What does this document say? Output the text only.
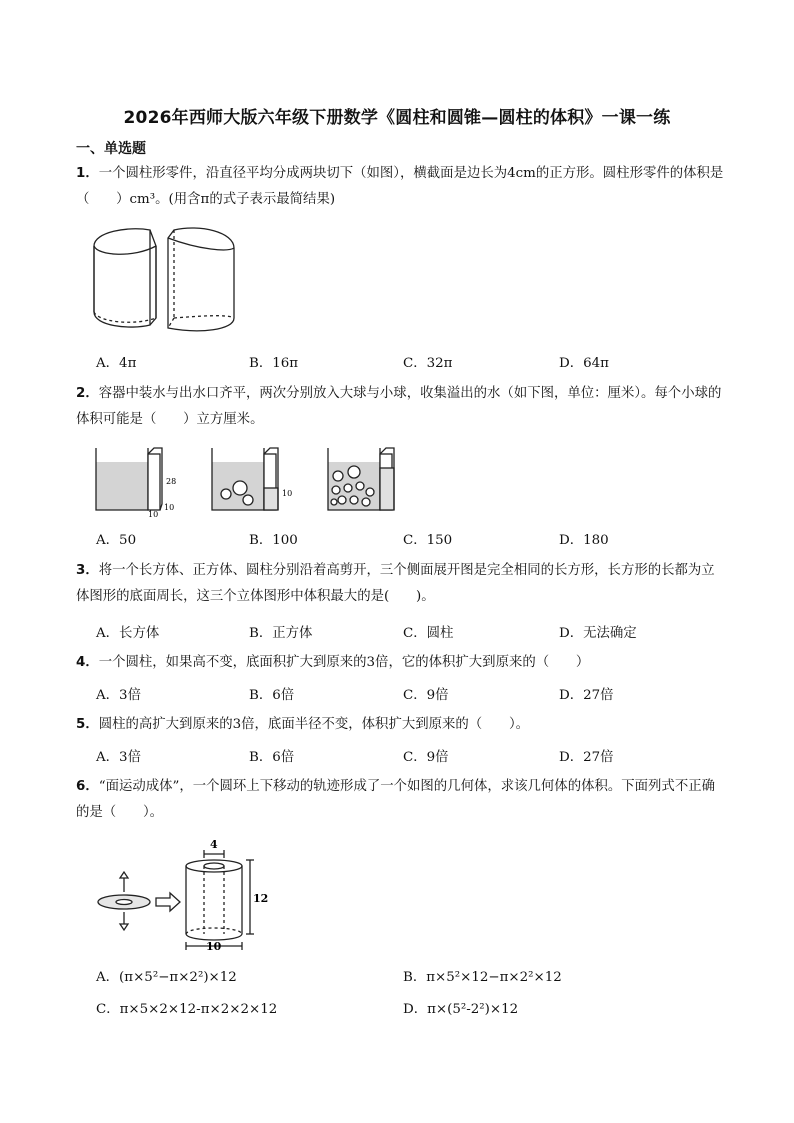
2026年西师大版六年级下册数学《圆柱和圆锥—圆柱的体积》一课一练
一、单选题
1．一个圆柱形零件，沿直径平均分成两块切下（如图），横截面是边长为4cm的正方形。圆柱形零件的体积是（　　）cm³。(用含π的式子表示最简结果)
A．4π	B．16π	C．32π	D．64π
2．容器中装水与出水口齐平，两次分别放入大球与小球，收集溢出的水（如下图，单位：厘米）。每个小球的体积可能是（　　）立方厘米。
28
10
10
10
A．50	B．100	C．150	D．180
3．将一个长方体、正方体、圆柱分别沿着高剪开，三个侧面展开图是完全相同的长方形，长方形的长都为立体图形的底面周长，这三个立体图形中体积最大的是(　　)。
A．长方体	B．正方体	C．圆柱	D．无法确定
4．一个圆柱，如果高不变，底面积扩大到原来的3倍，它的体积扩大到原来的（　　）
A．3倍	B．6倍	C．9倍	D．27倍
5．圆柱的高扩大到原来的3倍，底面半径不变，体积扩大到原来的（　　）。
A．3倍	B．6倍	C．9倍	D．27倍
6．“面运动成体”，一个圆环上下移动的轨迹形成了一个如图的几何体，求该几何体的体积。下面列式不正确的是（　　）。
4
12
10
A．(π×5²−π×2²)×12	B．π×5²×12−π×2²×12
C．π×5×2×12-π×2×2×12	D．π×(5²-2²)×12
